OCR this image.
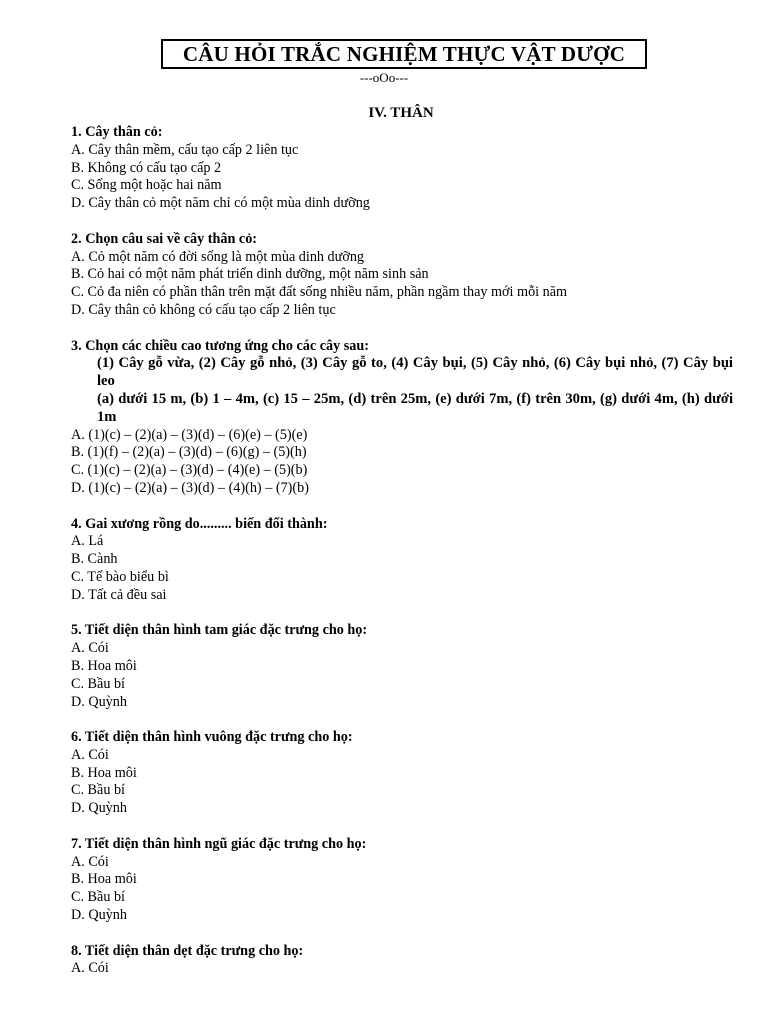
CÂU HỎI TRẮC NGHIỆM THỰC VẬT DƯỢC
---oOo---
IV. THÂN
1. Cây thân cỏ:
A. Cây thân mềm, cấu tạo cấp 2 liên tục
B. Không có cấu tạo cấp 2
C. Sống một hoặc hai năm
D. Cây thân cỏ một năm chỉ có một mùa dinh dưỡng
2. Chọn câu sai về cây thân cỏ:
A. Cỏ một năm có đời sống là một mùa dinh dưỡng
B. Cỏ hai có một năm phát triển dinh dưỡng, một năm sinh sản
C. Cỏ đa niên có phần thân trên mặt đất sống nhiều năm, phần ngầm thay mới mỗi năm
D. Cây thân cỏ không có cấu tạo cấp 2 liên tục
3. Chọn các chiều cao tương ứng cho các cây sau:
(1) Cây gỗ vừa, (2) Cây gỗ nhỏ, (3) Cây gỗ to, (4) Cây bụi, (5) Cây nhỏ, (6) Cây bụi nhỏ, (7) Cây bụi leo
(a) dưới 15 m, (b) 1 – 4m, (c) 15 – 25m, (d) trên 25m, (e) dưới 7m, (f) trên 30m, (g) dưới 4m, (h) dưới 1m
A. (1)(c) – (2)(a) – (3)(d) – (6)(e) – (5)(e)
B. (1)(f) – (2)(a) – (3)(d) – (6)(g) – (5)(h)
C. (1)(c) – (2)(a) – (3)(d) – (4)(e) – (5)(b)
D. (1)(c) – (2)(a) – (3)(d) – (4)(h) – (7)(b)
4. Gai xương rồng do......... biến đổi thành:
A. Lá
B. Cành
C. Tế bào biểu bì
D. Tất cả đều sai
5. Tiết diện thân hình tam giác đặc trưng cho họ:
A. Cói
B. Hoa môi
C. Bầu bí
D. Quỳnh
6. Tiết diện thân hình vuông đặc trưng cho họ:
A. Cói
B. Hoa môi
C. Bầu bí
D. Quỳnh
7. Tiết diện thân hình ngũ giác đặc trưng cho họ:
A. Cói
B. Hoa môi
C. Bầu bí
D. Quỳnh
8. Tiết diện thân dẹt đặc trưng cho họ:
A. Cói
